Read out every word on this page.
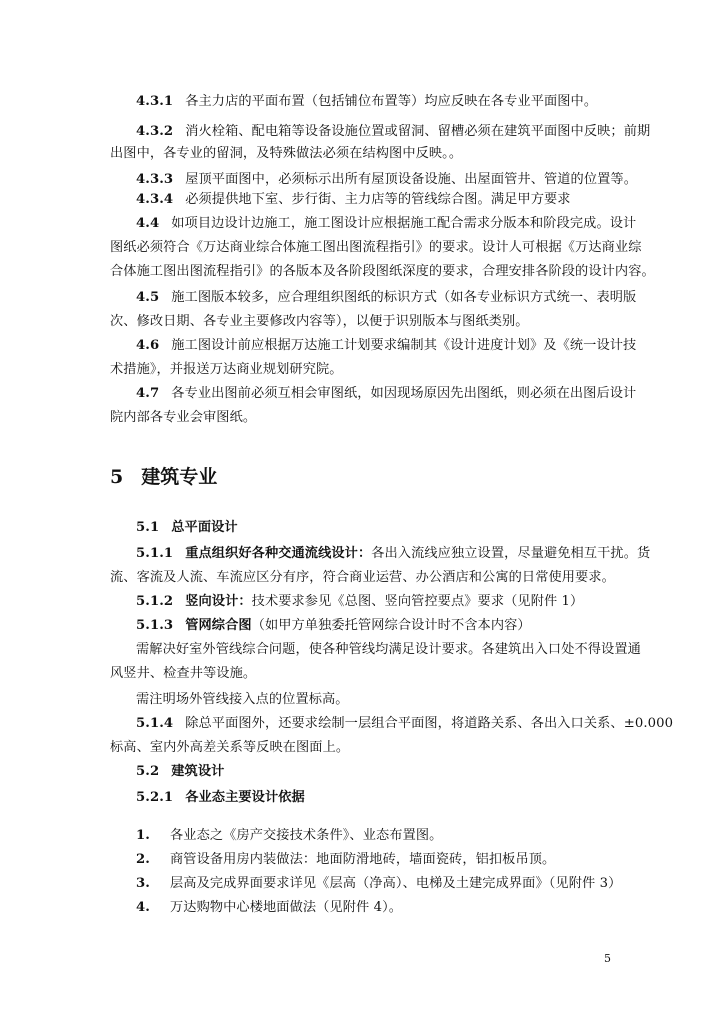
4.3.1 各主力店的平面布置（包括铺位布置等）均应反映在各专业平面图中。
4.3.2 消火栓箱、配电箱等设备设施位置或留洞、留槽必须在建筑平面图中反映；前期
出图中，各专业的留洞，及特殊做法必须在结构图中反映。。
4.3.3 屋顶平面图中，必须标示出所有屋顶设备设施、出屋面管井、管道的位置等。
4.3.4 必须提供地下室、步行街、主力店等的管线综合图。满足甲方要求
4.4 如项目边设计边施工，施工图设计应根据施工配合需求分版本和阶段完成。设计
图纸必须符合《万达商业综合体施工图出图流程指引》的要求。设计人可根据《万达商业综
合体施工图出图流程指引》的各版本及各阶段图纸深度的要求，合理安排各阶段的设计内容。
4.5 施工图版本较多，应合理组织图纸的标识方式（如各专业标识方式统一、表明版
次、修改日期、各专业主要修改内容等），以便于识别版本与图纸类别。
4.6 施工图设计前应根据万达施工计划要求编制其《设计进度计划》及《统一设计技
术措施》，并报送万达商业规划研究院。
4.7 各专业出图前必须互相会审图纸，如因现场原因先出图纸，则必须在出图后设计
院内部各专业会审图纸。
5 建筑专业
5.1 总平面设计
5.1.1 重点组织好各种交通流线设计：各出入流线应独立设置，尽量避免相互干扰。货
流、客流及人流、车流应区分有序，符合商业运营、办公酒店和公寓的日常使用要求。
5.1.2 竖向设计：技术要求参见《总图、竖向管控要点》要求（见附件 1）
5.1.3 管网综合图（如甲方单独委托管网综合设计时不含本内容）
需解决好室外管线综合问题，使各种管线均满足设计要求。各建筑出入口处不得设置通
风竖井、检查井等设施。
需注明场外管线接入点的位置标高。
5.1.4 除总平面图外，还要求绘制一层组合平面图，将道路关系、各出入口关系、±0.000
标高、室内外高差关系等反映在图面上。
5.2 建筑设计
5.2.1 各业态主要设计依据
1. 各业态之《房产交接技术条件》、业态布置图。
2. 商管设备用房内装做法：地面防滑地砖，墙面瓷砖，铝扣板吊顶。
3. 层高及完成界面要求详见《层高（净高）、电梯及土建完成界面》（见附件 3）
4. 万达购物中心楼地面做法（见附件 4）。
5
